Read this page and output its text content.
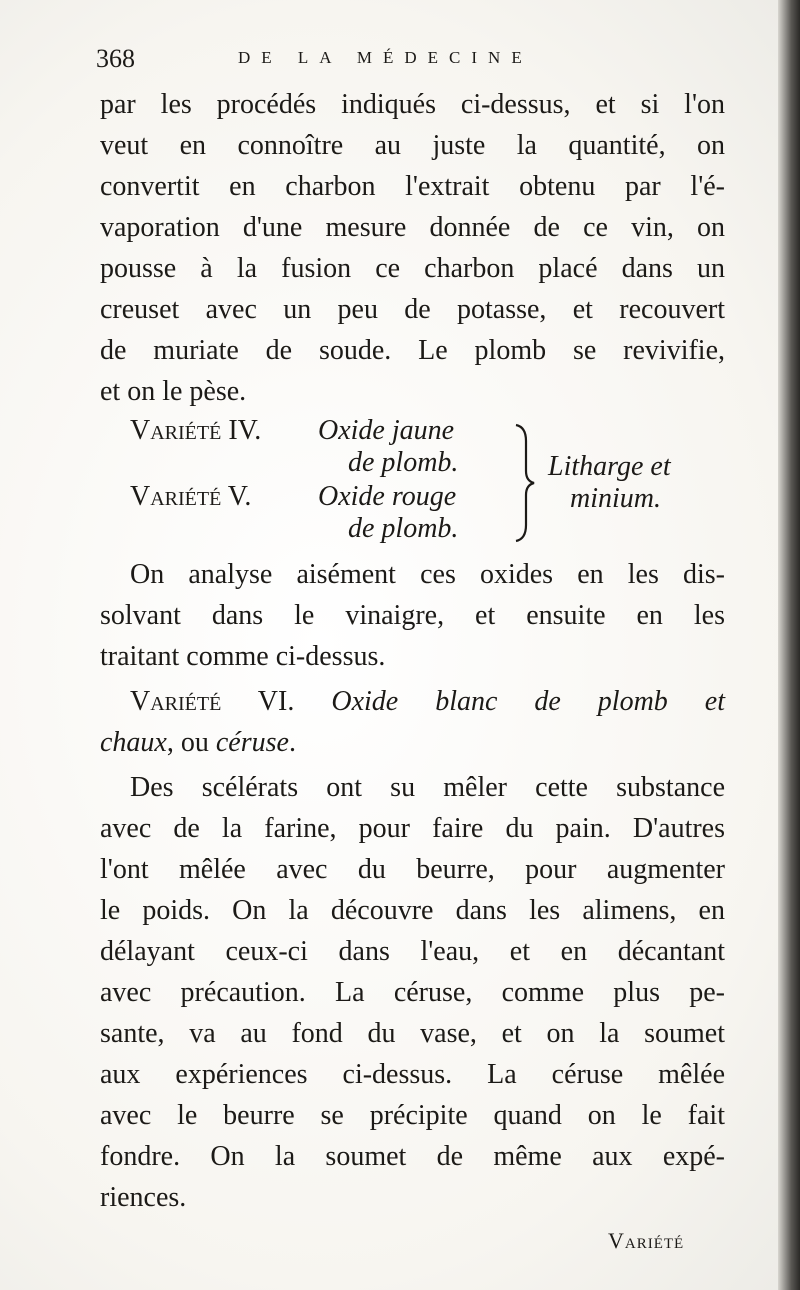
368	DE LA MÉDECINE
par les procédés indiqués ci-dessus, et si l'on
veut en connoître au juste la quantité, on
convertit en charbon l'extrait obtenu par l'é-
vaporation d'une mesure donnée de ce vin, on
pousse à la fusion ce charbon placé dans un
creuset avec un peu de potasse, et recouvert
de muriate de soude. Le plomb se revivifie,
et on le pèse.
Variété IV. Oxide jaune
de plomb.
Variété V. Oxide rouge
de plomb.
Litharge et
minium.
On analyse aisément ces oxides en les dis-
solvant dans le vinaigre, et ensuite en les
traitant comme ci-dessus.
Variété VI. Oxide blanc de plomb et
chaux, ou céruse.
Des scélérats ont su mêler cette substance
avec de la farine, pour faire du pain. D'autres
l'ont mêlée avec du beurre, pour augmenter
le poids. On la découvre dans les alimens, en
délayant ceux-ci dans l'eau, et en décantant
avec précaution. La céruse, comme plus pe-
sante, va au fond du vase, et on la soumet
aux expériences ci-dessus. La céruse mêlée
avec le beurre se précipite quand on le fait
fondre. On la soumet de même aux expé-
riences.
Variété
